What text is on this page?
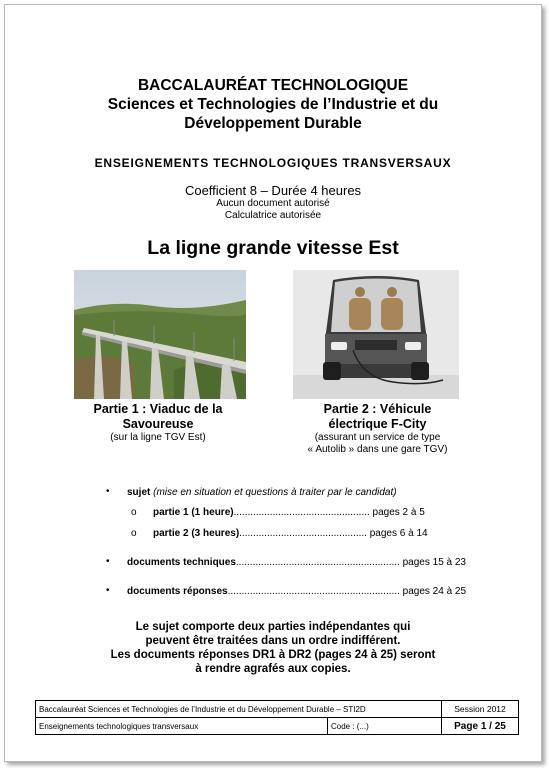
BACCALAURÉAT TECHNOLOGIQUE
Sciences et Technologies de l’Industrie et du
Développement Durable
ENSEIGNEMENTS TECHNOLOGIQUES TRANSVERSAUX
Coefficient 8 – Durée 4 heures
Aucun document autorisé
Calculatrice autorisée
La ligne grande vitesse Est
Partie 1 : Viaduc de la
Savoureuse
(sur la ligne TGV Est)
Partie 2 : Véhicule
électrique F-City
(assurant un service de type
« Autolib » dans une gare TGV)
• sujet (mise en situation et questions à traiter par le candidat)
o partie 1 (1 heure)................................................. pages 2 à 5
o partie 2 (3 heures).............................................. pages 6 à 14
• documents techniques........................................................... pages 15 à 23
• documents réponses.............................................................. pages 24 à 25
Le sujet comporte deux parties indépendantes qui
peuvent être traitées dans un ordre indifférent.
Les documents réponses DR1 à DR2 (pages 24 à 25) seront
à rendre agrafés aux copies.
Baccalauréat Sciences et Technologies de l’Industrie et du Développement Durable – STI2D		Session 2012
Enseignements technologiques transversaux	Code : (...)	Page 1 / 25
